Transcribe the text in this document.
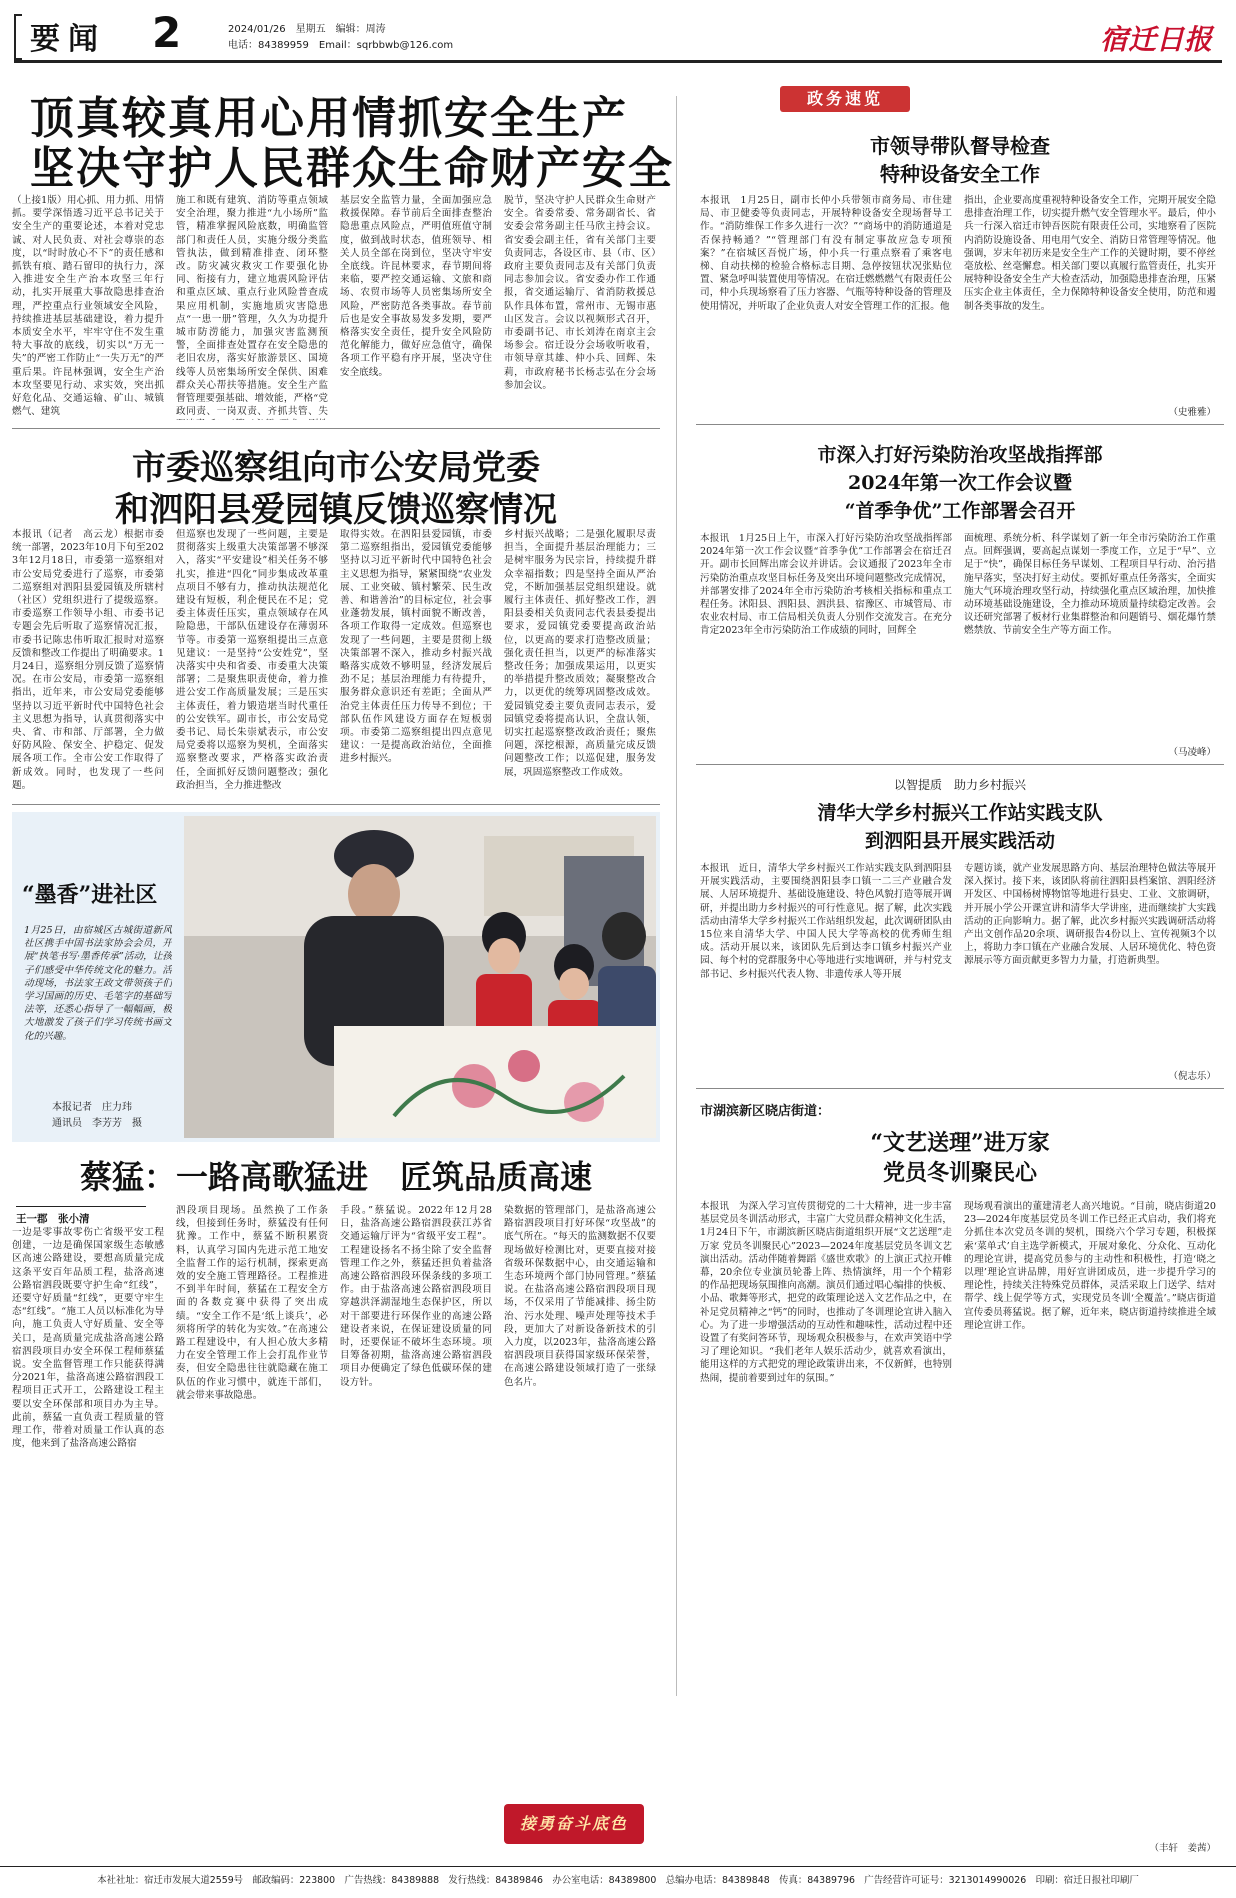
要闻 2	2024/01/26　星期五　编辑：周涛
电话：84389959　Email：sqrbbwb@126.com	宿迁日报
顶真较真用心用情抓安全生产
坚决守护人民群众生命财产安全
（上接1版）用心抓、用力抓、用情抓。要学深悟透习近平总书记关于安全生产的重要论述，本着对党忠诚、对人民负责、对社会尊崇的态度，以“时时放心不下”的责任感和抓铁有痕、踏石留印的执行力，深入推进安全生产治本攻坚三年行动，扎实开展重大事故隐患排查治理，严控重点行业领域安全风险，持续推进基层基础建设，着力提升本质安全水平，牢牢守住不发生重特大事故的底线，切实以“万无一失”的严密工作防止“一失万无”的严重后果。许昆林强调，安全生产治本攻坚要见行动、求实效，突出抓好危化品、交通运输、矿山、城镇燃气、建筑
施工和既有建筑、消防等重点领域安全治理，聚力推进“九小场所”监管，精准掌握风险底数，明确监管部门和责任人员，实施分级分类监管执法，做到精准排查、闭环整改。防灾减灾救灾工作要强化协同、衔接有力，建立地震风险评估和重点区域、重点行业风险普查成果应用机制，实施地质灾害隐患点“一患一册”管理，久久为功提升城市防涝能力，加强灾害监测预警，全面排查处置存在安全隐患的老旧农房，落实好旅游景区、国境线等人员密集场所安全保供、困难群众关心帮扶等措施。安全生产监督管理要强基础、增效能，严格“党政同责、一岗双责、齐抓共管、失
基层安全监管力量，全面加强应急救援保障。春节前后全面排查整治隐患重点风险点，严明值班值守制度，做到战时状态，值班领导、相关人员全部在岗到位，坚决守牢安全底线。许昆林要求，春节期间将来临，要严控交通运输、文旅和商场、农贸市场等人员密集场所安全风险，严密防范各类事故。春节前后也是安全事故易发多发期，要严格落实安全责任，提升安全风险防范化解能力，做好应急值守，确保各项工作平稳有序开展，坚决守住安全底线。
脱节，坚决守护人民群众生命财产安全。省委常委、常务副省长、省安委会常务副主任马欣主持会议。省安委会副主任，省有关部门主要负责同志，各设区市、县（市、区）政府主要负责同志及有关部门负责同志参加会议。省安委办作工作通报，省交通运输厅、省消防救援总队作具体布置，常州市、无锡市惠山区发言。会议以视频形式召开，市委副书记、市长刘涛在南京主会场参会。宿迁设分会场收听收看，市领导章其雄、仲小兵、回辉、朱莉，市政府秘书长杨志弘在分会场参加会议。
政务速览
市领导带队督导检查
特种设备安全工作
本报讯　1月25日，副市长仲小兵带领市商务局、市住建局、市卫健委等负责同志，开展特种设备安全现场督导工作。“消防维保工作多久进行一次？”“商场中的消防通道是否保持畅通？”“管理部门有没有制定事故应急专项预案？”在宿城区吾悦广场，仲小兵一行重点察看了乘客电梯、自动扶梯的检验合格标志目期、急停按钮状况张贴位置、紧急呼叫装置使用等情况。在宿迁燃燃燃气有限责任公司，仲小兵现场察看了压力容器、气瓶等特种设备的管理及使用情况，并听取了企业负责人对安全管理工作的汇报。他
指出，企业要高度重视特种设备安全工作，完期开展安全隐患排查治理工作，切实提升燃气安全管理水平。最后，仲小兵一行深入宿迁市钟吾医院有限责任公司，实地察看了医院内消防设施设备、用电用气安全、消防日常管理等情况。他强调，岁末年初历来是安全生产工作的关键时期，要不停丝毫放松、丝毫懈怠。相关部门要以真履行监管责任，扎实开展特种设备安全生产大检查活动，加强隐患排查治理，压紧压实企业主体责任，全力保障特种设备安全使用，防范和遏制各类事故的发生。
（史雅雅）
市深入打好污染防治攻坚战指挥部
2024年第一次工作会议暨
“首季争优”工作部署会召开
本报讯　1月25日上午，市深入打好污染防治攻坚战指挥部2024年第一次工作会议暨“首季争优”工作部署会在宿迁召开。副市长回辉出席会议并讲话。会议通报了2023年全市污染防治重点攻坚目标任务及突出环境问题整改完成情况，并部署安排了2024年全市污染防治考核相关指标和重点工程任务。沭阳县、泗阳县、泗洪县、宿豫区、市城管局、市农业农村局、市工信局相关负责人分别作交流发言。在充分肯定2023年全市污染防治工作成绩的同时，回辉全
面梳理、系统分析、科学谋划了新一年全市污染防治工作重点。回辉强调，要高起点谋划一季度工作，立足于“早”、立足于“快”，确保目标任务早谋划、工程项目早行动、治污措施早落实，坚决打好主动仗。要抓好重点任务落实，全面实施大气环境治理攻坚行动，持续强化重点区域治理，加快推动环境基础设施建设，全力推动环境质量持续稳定改善。会议还研究部署了板材行业集群整治和问题销号、烟花爆竹禁燃禁放、节前安全生产等方面工作。
（马凌峰）
市委巡察组向市公安局党委
和泗阳县爱园镇反馈巡察情况
本报讯（记者　高云龙）根据市委统一部署，2023年10月下旬至2023年12月18日，市委第一巡察组对市公安局党委进行了巡察，市委第二巡察组对泗阳县爱园镇及所辖村（社区）党组织进行了提级巡察。市委巡察工作领导小组、市委书记专题会先后听取了巡察情况汇报，市委书记陈忠伟听取汇报时对巡察反馈和整改工作提出了明确要求。1月24日，巡察组分别反馈了巡察情况。在市公安局，市委第一巡察组指出，近年来，市公安局党委能够坚持以习近平新时代中国特色社会主义思想为指导，认真贯彻落实中央、省、市和部、厅部署，全力做好防风险、保安全、护稳定、促发展各项工作。全市公安工作取得了新成效。同时，也发现了一些问题。
但巡察也发现了一些问题，主要是贯彻落实上级重大决策部署不够深入，落实“平安建设”相关任务不够扎实，推进“四化”同步集成改革重点项目不够有力，推动执法规范化建设有短板，利企便民在不足；党委主体责任压实，重点领域存在风险隐患，干部队伍建设存在薄弱环节等。市委第一巡察组提出三点意见建议：一是坚持“公安姓党”，坚决落实中央和省委、市委重大决策部署；二是聚焦职责使命，着力推进公安工作高质量发展；三是压实主体责任，着力锻造堪当时代重任的公安铁军。副市长，市公安局党委书记、局长朱崇斌表示，市公安局党委将以巡察为契机，全面落实巡察整改要求，严格落实政治责任，全面抓好反馈问题整改；强化政治担当，全力推进整改
取得实效。在泗阳县爱园镇，市委第二巡察组指出，爱园镇党委能够坚持以习近平新时代中国特色社会主义思想为指导，紧紧围绕“农业发展、工业突破、镇村繁荣、民生改善、和谐善治”的目标定位，社会事业蓬勃发展，镇村面貌不断改善，各项工作取得一定成效。但巡察也发现了一些问题，主要是贯彻上级决策部署不深入，推动乡村振兴战略落实成效不够明显，经济发展后劲不足；基层治理能力有待提升，服务群众意识还有差距；全面从严治党主体责任压力传导不到位；干部队伍作风建设方面存在短板弱项。市委第二巡察组提出四点意见建议：一是提高政治站位，全面推进乡村振兴。
乡村振兴战略；二是强化履职尽责担当，全面提升基层治理能力；三是树牢服务为民宗旨，持续提升群众幸福指数；四是坚持全面从严治党，不断加强基层党组织建设。就履行主体责任、抓好整改工作，泗阳县委相关负责同志代表县委提出要求，爱园镇党委要提高政治站位，以更高的要求打造整改质量；强化责任担当，以更严的标准落实整改任务；加强成果运用，以更实的举措提升整改质效；凝聚整改合力，以更优的统筹巩固整改成效。爱园镇党委主要负责同志表示，爱园镇党委将提高认识，全盘认领，切实扛起巡察整改政治责任；聚焦问题，深挖根源，高质量完成反馈问题整改工作；以巡促建，服务发展，巩固巡察整改工作成效。
“墨香”进社区
1月25日，由宿城区古城街道新风社区携手中国书法家协会会员，开展“执笔书写·墨香传承”活动，让孩子们感受中华传统文化的魅力。活动现场，书法家王政文带领孩子们学习国画的历史、毛笔字的基础写法等，还悉心指导了一幅幅画，极大地激发了孩子们学习传统书画文化的兴趣。
本报记者　庄力玮
通讯员　李芳芳　摄
以智提质　助力乡村振兴
清华大学乡村振兴工作站实践支队
到泗阳县开展实践活动
本报讯　近日，清华大学乡村振兴工作站实践支队到泗阳县开展实践活动，主要围绕泗阳县李口镇一二三产业融合发展、人居环境提升、基础设施建设、特色风貌打造等展开调研，并提出助力乡村振兴的可行性意见。据了解，此次实践活动由清华大学乡村振兴工作站组织发起，此次调研团队由15位来自清华大学、中国人民大学等高校的优秀师生组成。活动开展以来，该团队先后到达李口镇乡村振兴产业园、每个村的党群服务中心等地进行实地调研，并与村党支部书记、乡村振兴代表人物、非遗传承人等开展
专题访谈，就产业发展思路方向、基层治理特色做法等展开深入探讨。接下来，该团队将前往泗阳县档案馆、泗阳经济开发区、中国杨树博物馆等地进行县史、工业、文旅调研，并开展小学公开课宣讲和清华大学讲座，进而继续扩大实践活动的正向影响力。据了解，此次乡村振兴实践调研活动将产出文创作品20余项、调研报告4份以上、宣传视频3个以上，将助力李口镇在产业融合发展、人居环境优化、特色资源展示等方面贡献更多智力力量，打造新典型。
（倪志乐）
蔡猛：一路高歌猛进　匠筑品质高速
王一郡　张小清
一边是零事故零伤亡省级平安工程创建，一边是确保国家级生态敏感区高速公路建设，要想高质量完成这条平安百年品质工程，盐洛高速公路宿泗段既要守护生命“红线”，还要守好质量“红线”，更要守牢生态“红线”。“施工人员以标准化为导向，施工负责人守好质量、安全等关口，是高质量完成盐洛高速公路宿泗段项目办安全环保工程师蔡猛说。安全监督管理工作只能获得满分2021年，盐洛高速公路宿泗段工程项目正式开工，公路建设工程主要以安全环保部和项目办为主导。此前，蔡猛一直负责工程质量的管理工作，带着对质量工作认真的态度，他来到了盐洛高速公路宿
泗段项目现场。虽然换了工作条线，但接到任务时，蔡猛没有任何犹豫。工作中，蔡猛不断积累资料，认真学习国内先进示范工地安全监督工作的运行机制，探索更高效的安全施工管理路径。工程推进不到半年时间，蔡猛在工程安全方面的各数竞赛中获得了突出成绩。“安全工作不是‘纸上谈兵’，必须将所学的转化为实效。”在高速公路工程建设中，有人担心放大多精力在安全管理工作上会打乱作业节奏，但安全隐患往往就隐藏在施工队伍的作业习惯中，就连干部们，就会带来事故隐患。
手段。”蔡猛说。2022年12月28日，盐洛高速公路宿泗段获江苏省交通运输厅评为“省级平安工程”。工程建设扬名不扬尘除了安全监督管理工作之外，蔡猛还担负着盐洛高速公路宿泗段环保条线的多项工作。由于盐洛高速公路宿泗段项目穿越洪泽湖湿地生态保护区，所以对干部要进行环保作业的高速公路建设者来说，在保证建设质量的同时，还要保证不破坏生态环境。项目筹备初期，盐洛高速公路宿泗段项目办便确定了绿色低碳环保的建设方针。
染数据的管理部门，是盐洛高速公路宿泗段项目打好环保“攻坚战”的底气所在。“每天的监测数据不仅要现场做好检测比对，更要直接对接省级环保数据中心，由交通运输和生态环境两个部门协同管理。”蔡猛说。在盐洛高速公路宿泗段项目现场，不仅采用了节能减排、扬尘防治、污水处理、噪声处理等技术手段，更加大了对新设备新技术的引入力度，以2023年，盐洛高速公路宿泗段项目获得国家级环保荣誉，在高速公路建设领域打造了一张绿色名片。
接勇奋斗底色
市湖滨新区晓店街道：
“文艺送理”进万家
党员冬训聚民心
本报讯　为深入学习宣传贯彻党的二十大精神，进一步丰富基层党员冬训活动形式，丰富广大党员群众精神文化生活，1月24日下午，市湖滨新区晓店街道组织开展“文艺送理”走万家 党员冬训聚民心”2023—2024年度基层党员冬训文艺演出活动。活动伴随着舞蹈《盛世欢歌》的上演正式拉开帷幕，20余位专业演员轮番上阵、热情演绎，用一个个精彩的作品把现场氛围推向高潮。演员们通过唱心编排的快板、小品、歌舞等形式，把党的政策理论送入文艺作品之中，在补足党员精神之“钙”的同时，也推动了冬训理论宣讲入脑入心。为了进一步增强活动的互动性和趣味性，活动过程中还设置了有奖问答环节，现场观众积极参与，在欢声笑语中学习了理论知识。“我们老年人娱乐活动少，就喜欢看演出，能用这样的方式把党的理论政策讲出来，不仅新鲜，也特别热闹，提前着要到过年的氛围。”
现场观看演出的董建清老人高兴地说。“目前，晓店街道2023—2024年度基层党员冬训工作已经正式启动，我们将充分抓住本次党员冬训的契机，围绕六个学习专题，积极探索‘菜单式’自主选学新模式，开展对象化、分众化、互动化的理论宣讲，提高党员参与的主动性和积极性，打造‘晓之以理’理论宣讲品牌，用好宣讲团成员，进一步提升学习的理论性，持续关注特殊党员群体，灵活采取上门送学、结对帮学、线上促学等方式，实现党员冬训‘全覆盖’。”晓店街道宣传委员蒋猛说。据了解，近年来，晓店街道持续推进全域理论宣讲工作。
（丰轩　姜茜）
本社社址：宿迁市发展大道2559号　邮政编码：223800　广告热线：84389888　发行热线：84389846　办公室电话：84389800　总编办电话：84389848　传真：84389796　广告经营许可证号：3213014990026　印刷：宿迁日报社印刷厂
